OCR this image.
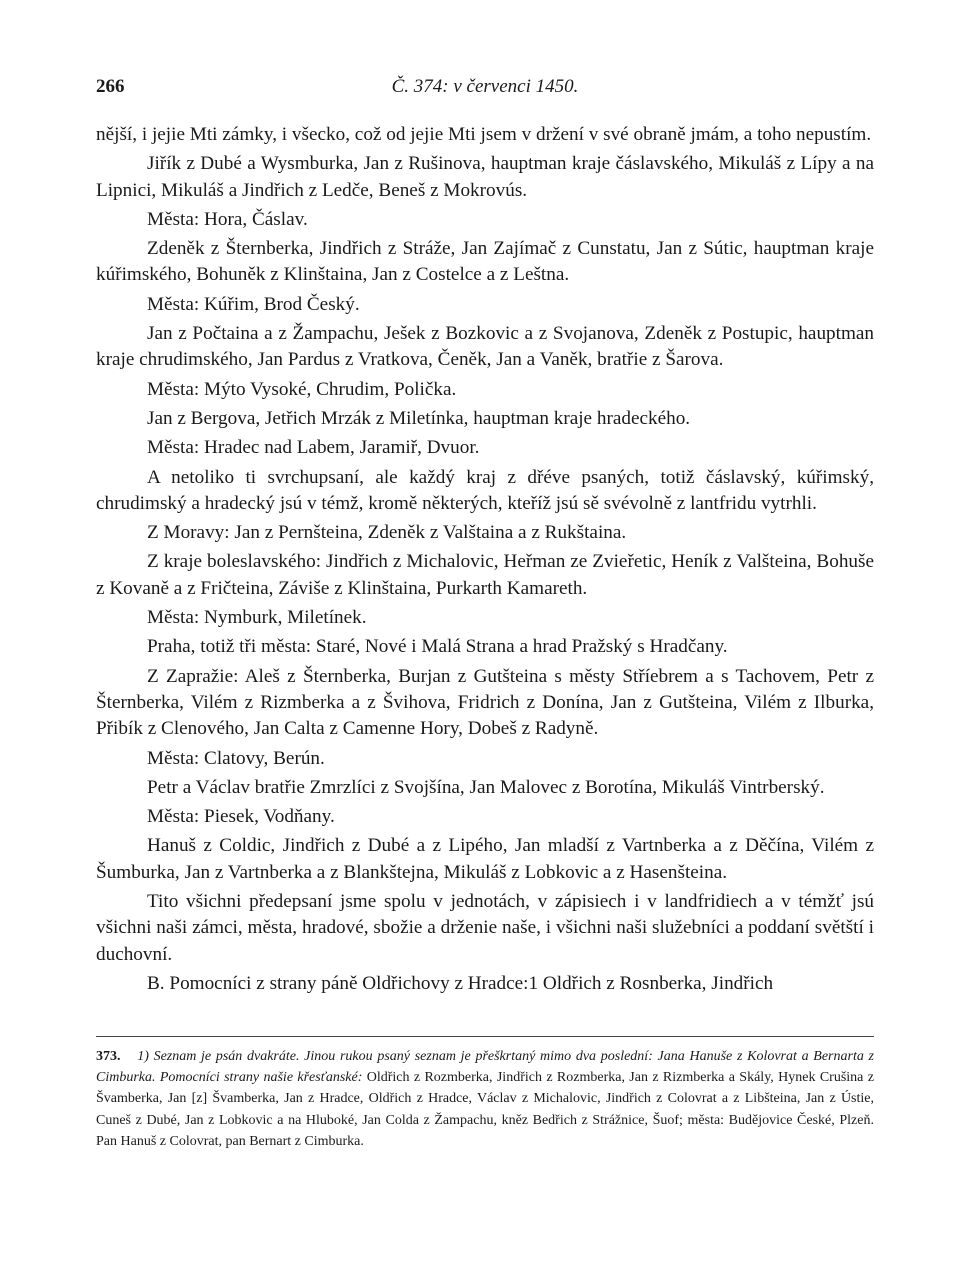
266	Č. 374: v červenci 1450.

nější, i jejie Mti zámky, i všecko, což od jejie Mti jsem v držení v své obraně jmám, a toho nepustím.

Jiřík z Dubé a Wysmburka, Jan z Rušinova, hauptman kraje čáslavského, Mikuláš z Lípy a na Lipnici, Mikuláš a Jindřich z Ledče, Beneš z Mokrovús.

Města: Hora, Čáslav.

Zdeněk z Šternberka, Jindřich z Stráže, Jan Zajímač z Cunstatu, Jan z Sútic, hauptman kraje kúřimského, Bohuněk z Klinštaina, Jan z Costelce a z Leštna.

Města: Kúřim, Brod Český.

Jan z Počtaina a z Žampachu, Ješek z Bozkovic a z Svojanova, Zdeněk z Postupic, hauptman kraje chrudimského, Jan Pardus z Vratkova, Čeněk, Jan a Vaněk, bratřie z Šarova.

Města: Mýto Vysoké, Chrudim, Polička.

Jan z Bergova, Jetřich Mrzák z Miletínka, hauptman kraje hradeckého.

Města: Hradec nad Labem, Jaramiř, Dvuor.

A netoliko ti svrchupsaní, ale každý kraj z dřéve psaných, totiž čáslavský, kúřimský, chrudimský a hradecký jsú v témž, kromě některých, kteříž jsú sě svévolně z lantfridu vytrhli.

Z Moravy: Jan z Pernšteina, Zdeněk z Valštaina a z Rukštaina.

Z kraje boleslavského: Jindřich z Michalovic, Heřman ze Zvieřetic, Heník z Valšteina, Bohuše z Kovaně a z Fričteina, Záviše z Klinštaina, Purkarth Kamareth.

Města: Nymburk, Miletínek.

Praha, totiž tři města: Staré, Nové i Malá Strana a hrad Pražský s Hradčany.

Z Zapražie: Aleš z Šternberka, Burjan z Gutšteina s městy Stříebrem a s Tachovem, Petr z Šternberka, Vilém z Rizmberka a z Švihova, Fridrich z Donína, Jan z Gutšteina, Vilém z Ilburka, Přibík z Clenového, Jan Calta z Camenne Hory, Dobeš z Radyně.

Města: Clatovy, Berún.

Petr a Václav bratřie Zmrzlíci z Svojšína, Jan Malovec z Borotína, Mikuláš Vintrberský.

Města: Piesek, Vodňany.

Hanuš z Coldic, Jindřich z Dubé a z Lipého, Jan mladší z Vartnberka a z Děčína, Vilém z Šumburka, Jan z Vartnberka a z Blankštejna, Mikuláš z Lobkovic a z Hasenšteina.

Tito všichni předepsaní jsme spolu v jednotách, v zápisiech i v landfridiech a v témžť jsú všichni naši zámci, města, hradové, sbožie a drženie naše, i všichni naši služebníci a poddaní světští i duchovní.

B. Pomocníci z strany páně Oldřichovy z Hradce:1 Oldřich z Rosnberka, Jindřich

373. 1) Seznam je psán dvakráte. Jinou rukou psaný seznam je přeškrtaný mimo dva poslední: Jana Hanuše z Kolovrat a Bernarta z Cimburka. Pomocníci strany našie křesťanské: Oldřich z Rozmberka, Jindřich z Rozmberka, Jan z Rizmberka a Skály, Hynek Crušina z Švamberka, Jan [z] Švamberka, Jan z Hradce, Oldřich z Hradce, Václav z Michalovic, Jindřich z Colovrat a z Libšteina, Jan z Ústie, Cuneš z Dubé, Jan z Lobkovic a na Hluboké, Jan Colda z Žampachu, kněz Bedřich z Strážnice, Šuof; města: Budějovice České, Plzeň. Pan Hanuš z Colovrat, pan Bernart z Cimburka.
